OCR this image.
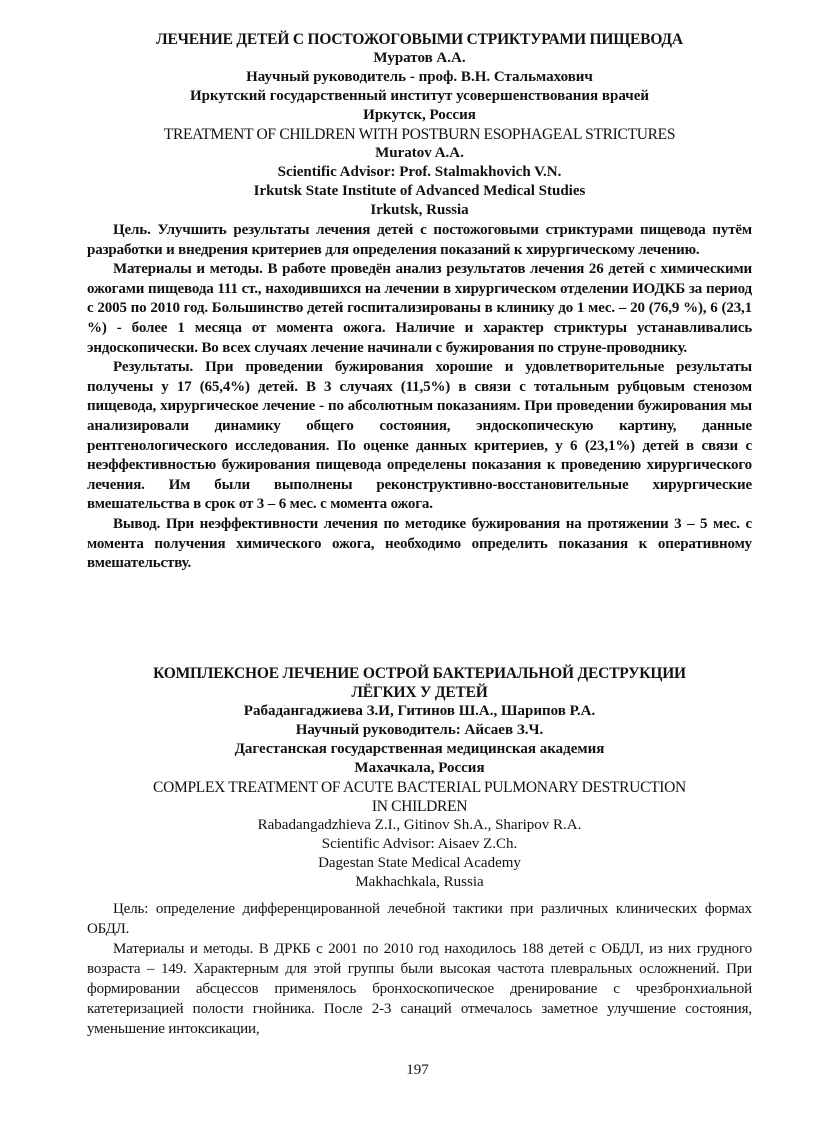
ЛЕЧЕНИЕ ДЕТЕЙ С ПОСТОЖОГОВЫМИ СТРИКТУРАМИ ПИЩЕВОДА

Муратов А.А.

Научный руководитель - проф. В.Н. Стальмахович

Иркутский государственный институт усовершенствования врачей

Иркутск, Россия

TREATMENT OF CHILDREN WITH POSTBURN ESOPHAGEAL STRICTURES

Muratov A.A.

Scientific Advisor: Prof. Stalmakhovich V.N.

Irkutsk State Institute of Advanced Medical Studies

Irkutsk, Russia

Цель. Улучшить результаты лечения детей с постожоговыми стриктурами пищевода путём разработки и внедрения критериев для определения показаний к хирургическому лечению.

Материалы и методы. В работе проведён анализ результатов лечения 26 детей с химическими ожогами пищевода 111 ст., находившихся на лечении в хирургическом отделении ИОДКБ за период с 2005 по 2010 год. Большинство детей госпитализированы в клинику до 1 мес. – 20 (76,9 %), 6 (23,1 %) - более 1 месяца от момента ожога. Наличие и характер стриктуры устанавливались эндоскопически. Во всех случаях лечение начинали с бужирования по струне-проводнику.

Результаты. При проведении бужирования хорошие и удовлетворительные результаты получены у 17 (65,4%) детей. В 3 случаях (11,5%) в связи с тотальным рубцовым стенозом пищевода, хирургическое лечение - по абсолютным показаниям. При проведении бужирования мы анализировали динамику общего состояния, эндоскопическую картину, данные рентгенологического исследования. По оценке данных критериев, у 6 (23,1%) детей в связи с неэффективностью бужирования пищевода определены показания к проведению хирургического лечения. Им были выполнены реконструктивно-восстановительные хирургические вмешательства в срок от 3 – 6 мес. с момента ожога.

Вывод. При неэффективности лечения по методике бужирования на протяжении 3 – 5 мес. с момента получения химического ожога, необходимо определить показания к оперативному вмешательству.

КОМПЛЕКСНОЕ ЛЕЧЕНИЕ ОСТРОЙ БАКТЕРИАЛЬНОЙ ДЕСТРУКЦИИ

ЛЁГКИХ У ДЕТЕЙ

Рабадангаджиева З.И, Гитинов Ш.А., Шарипов Р.А.

Научный руководитель: Айсаев З.Ч.

Дагестанская государственная медицинская академия

Махачкала, Россия

COMPLEX TREATMENT OF ACUTE BACTERIAL PULMONARY DESTRUCTION

IN CHILDREN

Rabadangadzhieva Z.I., Gitinov Sh.A., Sharipov R.A.

Scientific Advisor: Aisaev Z.Ch.

Dagestan State Medical Academy

Makhachkala, Russia

Цель: определение дифференцированной лечебной тактики при различных клинических формах ОБДЛ.

Материалы и методы. В ДРКБ с 2001 по 2010 год находилось 188 детей с ОБДЛ, из них грудного возраста – 149. Характерным для этой группы были высокая частота плевральных осложнений. При формировании абсцессов применялось бронхоскопическое дренирование с чрезбронхиальной катетеризацией полости гнойника. После 2-3 санаций отмечалось заметное улучшение состояния, уменьшение интоксикации,

197
